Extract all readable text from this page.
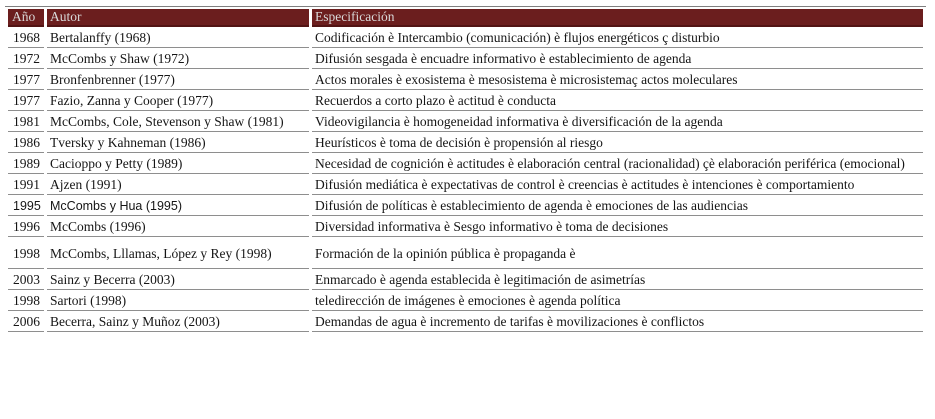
Año	Autor	Especificación
1968	Bertalanffy (1968)	Codificación è Intercambio (comunicación) è flujos energéticos ç disturbio
1972	McCombs y Shaw (1972)	Difusión sesgada è encuadre informativo è establecimiento de agenda
1977	Bronfenbrenner (1977)	Actos morales è exosistema è mesosistema è microsistemaç actos moleculares
1977	Fazio, Zanna y Cooper (1977)	Recuerdos a corto plazo è actitud è conducta
1981	McCombs, Cole, Stevenson y Shaw (1981)	Videovigilancia è homogeneidad informativa è diversificación de la agenda
1986	Tversky y Kahneman (1986)	Heurísticos è toma de decisión è propensión al riesgo
1989	Cacioppo y Petty (1989)	Necesidad de cognición è actitudes è elaboración central (racionalidad) çè elaboración periférica (emocional)
1991	Ajzen (1991)	Difusión mediática è expectativas de control è creencias è actitudes è intenciones è comportamiento
1995	McCombs y Hua (1995)	Difusión de políticas è establecimiento de agenda è emociones de las audiencias
1996	McCombs (1996)	Diversidad informativa è Sesgo informativo è toma de decisiones
1998	McCombs, Lllamas, López y Rey (1998)	Formación de la opinión pública è propaganda è
2003	Sainz y Becerra (2003)	Enmarcado è agenda establecida è legitimación de asimetrías
1998	Sartori (1998)	teledirección de imágenes è emociones è agenda política
2006	Becerra, Sainz y Muñoz (2003)	Demandas de agua è incremento de tarifas è movilizaciones è conflictos
